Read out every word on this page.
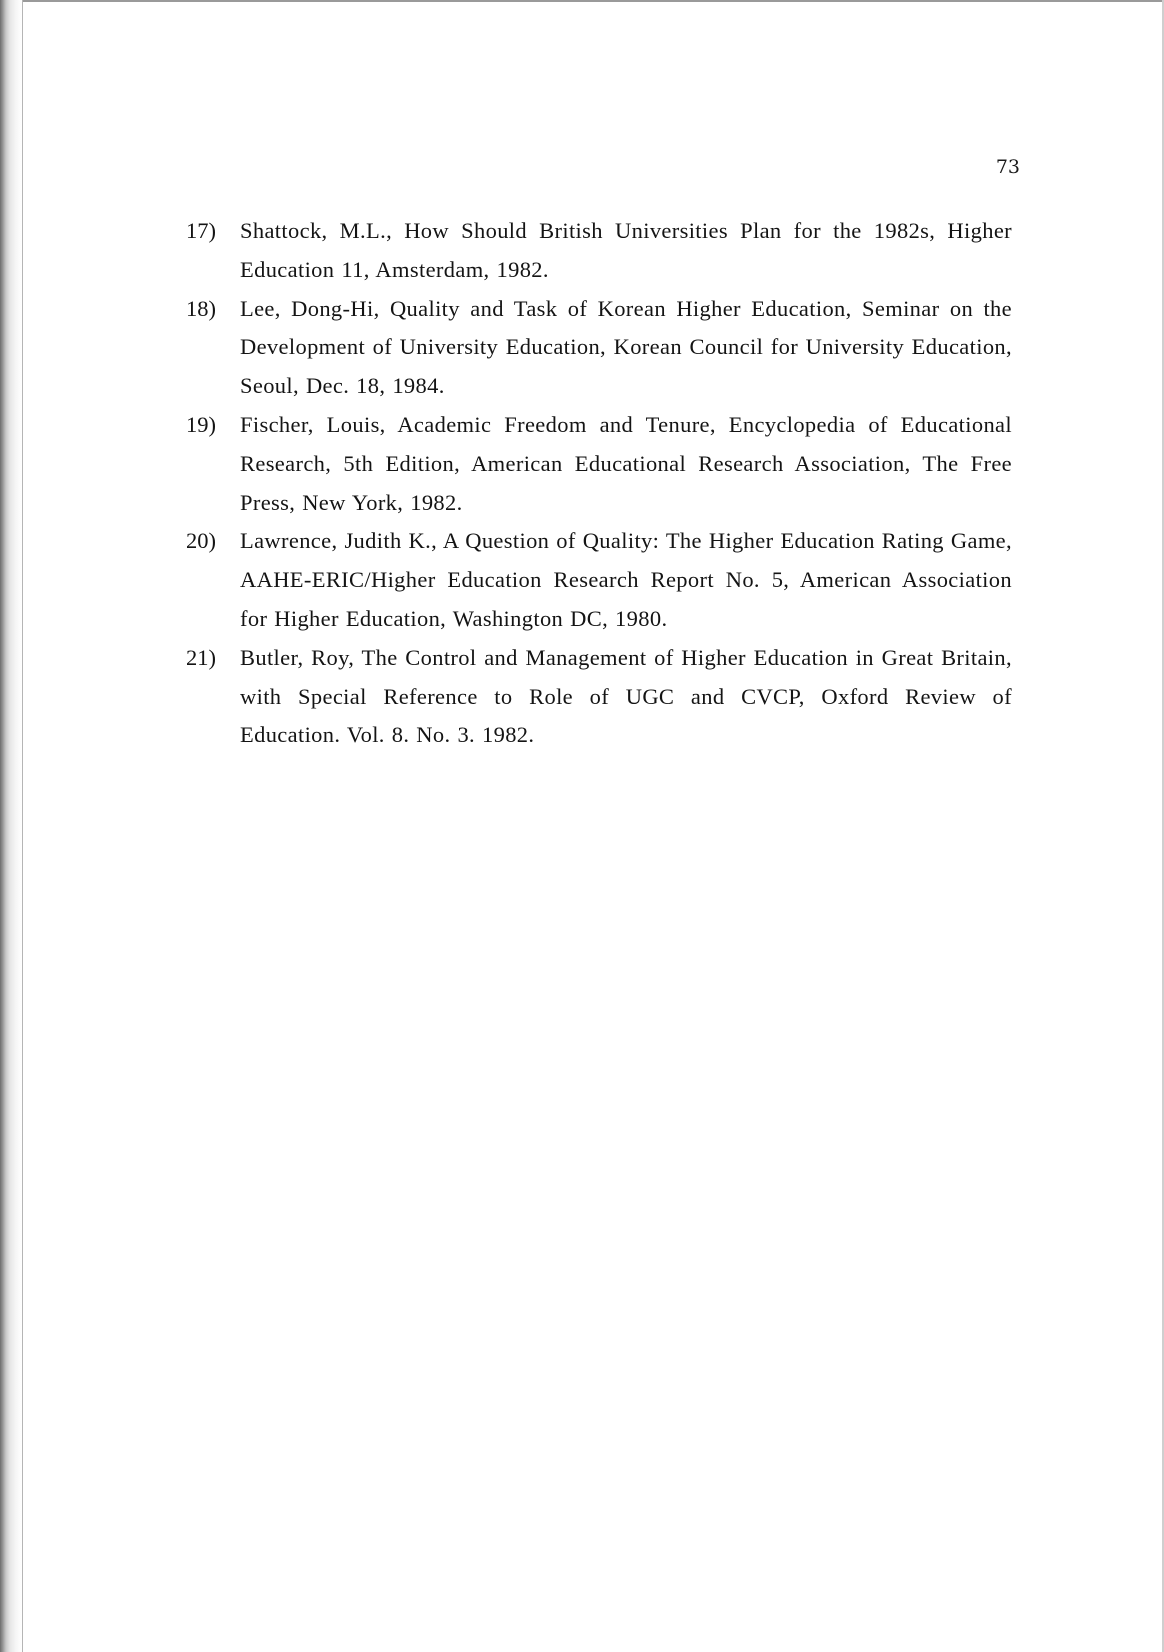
73
17)	Shattock, M.L., How Should British Universities Plan for the 1982s, Higher Education 11, Amsterdam, 1982.
18)	Lee, Dong-Hi, Quality and Task of Korean Higher Education, Seminar on the Development of University Education, Korean Council for University Education, Seoul, Dec. 18, 1984.
19)	Fischer, Louis, Academic Freedom and Tenure, Encyclopedia of Educational Research, 5th Edition, American Educational Research Association, The Free Press, New York, 1982.
20)	Lawrence, Judith K., A Question of Quality: The Higher Education Rating Game, AAHE-ERIC/Higher Education Research Report No. 5, American Association for Higher Education, Washington DC, 1980.
21)	Butler, Roy, The Control and Management of Higher Education in Great Britain, with Special Reference to Role of UGC and CVCP, Oxford Review of Education. Vol. 8. No. 3. 1982.
